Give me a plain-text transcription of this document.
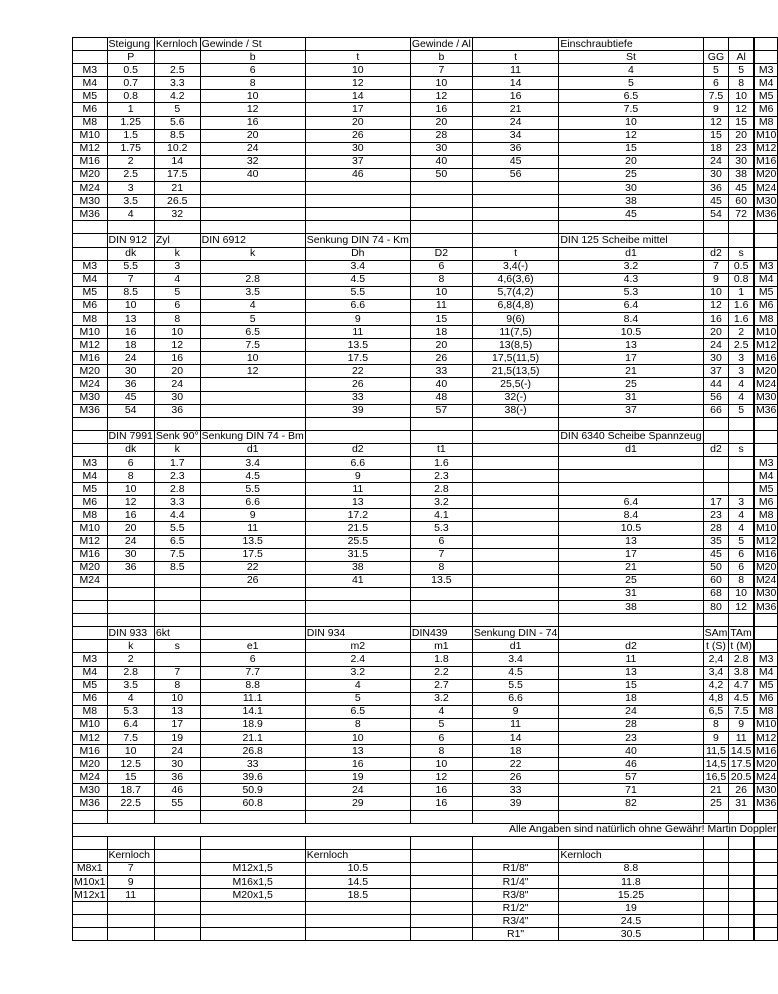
	Steigung	Kernloch	Gewinde / St		Gewinde / Al		Einschraubtiefe			
	P		b	t	b	t	St	GG	Al	
M3	0.5	2.5	6	10	7	11	4	5	5	M3
M4	0.7	3.3	8	12	10	14	5	6	8	M4
M5	0.8	4.2	10	14	12	16	6.5	7.5	10	M5
M6	1	5	12	17	16	21	7.5	9	12	M6
M8	1.25	5.6	16	20	20	24	10	12	15	M8
M10	1.5	8.5	20	26	28	34	12	15	20	M10
M12	1.75	10.2	24	30	30	36	15	18	23	M12
M16	2	14	32	37	40	45	20	24	30	M16
M20	2.5	17.5	40	46	50	56	25	30	38	M20
M24	3	21					30	36	45	M24
M30	3.5	26.5					38	45	60	M30
M36	4	32					45	54	72	M36

	DIN 912	Zyl	DIN 6912	Senkung DIN 74 - Km			DIN 125 Scheibe mittel			
	dk	k	k	Dh	D2	t	d1	d2	s	
M3	5.5	3		3.4	6	3,4(-)	3.2	7	0.5	M3
M4	7	4	2.8	4.5	8	4,6(3,6)	4.3	9	0.8	M4
M5	8.5	5	3.5	5.5	10	5,7(4,2)	5.3	10	1	M5
M6	10	6	4	6.6	11	6,8(4,8)	6.4	12	1.6	M6
M8	13	8	5	9	15	9(6)	8.4	16	1.6	M8
M10	16	10	6.5	11	18	11(7,5)	10.5	20	2	M10
M12	18	12	7.5	13.5	20	13(8,5)	13	24	2.5	M12
M16	24	16	10	17.5	26	17,5(11,5)	17	30	3	M16
M20	30	20	12	22	33	21,5(13,5)	21	37	3	M20
M24	36	24		26	40	25,5(-)	25	44	4	M24
M30	45	30		33	48	32(-)	31	56	4	M30
M36	54	36		39	57	38(-)	37	66	5	M36

	DIN 7991	Senk 90°	Senkung DIN 74 - Bm				DIN 6340 Scheibe Spannzeug			
	dk	k	d1	d2	t1		d1	d2	s	
M3	6	1.7	3.4	6.6	1.6					M3
M4	8	2.3	4.5	9	2.3					M4
M5	10	2.8	5.5	11	2.8					M5
M6	12	3.3	6.6	13	3.2		6.4	17	3	M6
M8	16	4.4	9	17.2	4.1		8.4	23	4	M8
M10	20	5.5	11	21.5	5.3		10.5	28	4	M10
M12	24	6.5	13.5	25.5	6		13	35	5	M12
M16	30	7.5	17.5	31.5	7		17	45	6	M16
M20	36	8.5	22	38	8		21	50	6	M20
M24			26	41	13.5		25	60	8	M24
							31	68	10	M30
							38	80	12	M36

	DIN 933	6kt		DIN 934	DIN439	Senkung DIN - 74		SAm	TAm	
	k	s	e1	m2	m1	d1	d2	t (S)	t (M)	
M3	2		6	2.4	1.8	3.4	11	2,4	2.8	M3
M4	2.8	7	7.7	3.2	2.2	4.5	13	3,4	3.8	M4
M5	3.5	8	8.8	4	2.7	5.5	15	4,2	4.7	M5
M6	4	10	11.1	5	3.2	6.6	18	4,8	4.5	M6
M8	5.3	13	14.1	6.5	4	9	24	6,5	7.5	M8
M10	6.4	17	18.9	8	5	11	28	8	9	M10
M12	7.5	19	21.1	10	6	14	23	9	11	M12
M16	10	24	26.8	13	8	18	40	11,5	14.5	M16
M20	12.5	30	33	16	10	22	46	14,5	17.5	M20
M24	15	36	39.6	19	12	26	57	16,5	20.5	M24
M30	18.7	46	50.9	24	16	33	71	21	26	M30
M36	22.5	55	60.8	29	16	39	82	25	31	M36

Alle Angaben sind natürlich ohne Gewähr! Martin Doppler										

	Kernloch			Kernloch			Kernloch			
M8x1	7		M12x1,5	10.5		R1/8"	8.8			
M10x1	9		M16x1,5	14.5		R1/4"	11.8			
M12x1	11		M20x1,5	18.5		R3/8"	15.25			
						R1/2"	19			
						R3/4"	24.5			
						R1"	30.5			
